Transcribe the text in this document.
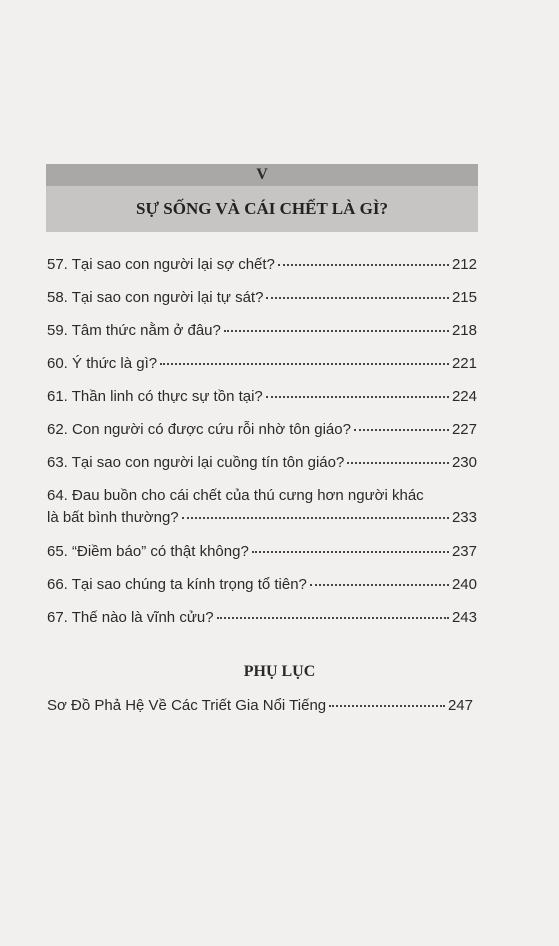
V
SỰ SỐNG VÀ CÁI CHẾT LÀ GÌ?
57. Tại sao con người lại sợ chết?	212
58. Tại sao con người lại tự sát?	215
59. Tâm thức nằm ở đâu?	218
60. Ý thức là gì?	221
61. Thần linh có thực sự tồn tại?	224
62. Con người có được cứu rỗi nhờ tôn giáo?	227
63. Tại sao con người lại cuồng tín tôn giáo?	230
64. Đau buồn cho cái chết của thú cưng hơn người khác
là bất bình thường?	233
65. “Điềm báo” có thật không?	237
66. Tại sao chúng ta kính trọng tổ tiên?	240
67. Thế nào là vĩnh cửu?	243
PHỤ LỤC
Sơ Đồ Phả Hệ Về Các Triết Gia Nổi Tiếng	247
